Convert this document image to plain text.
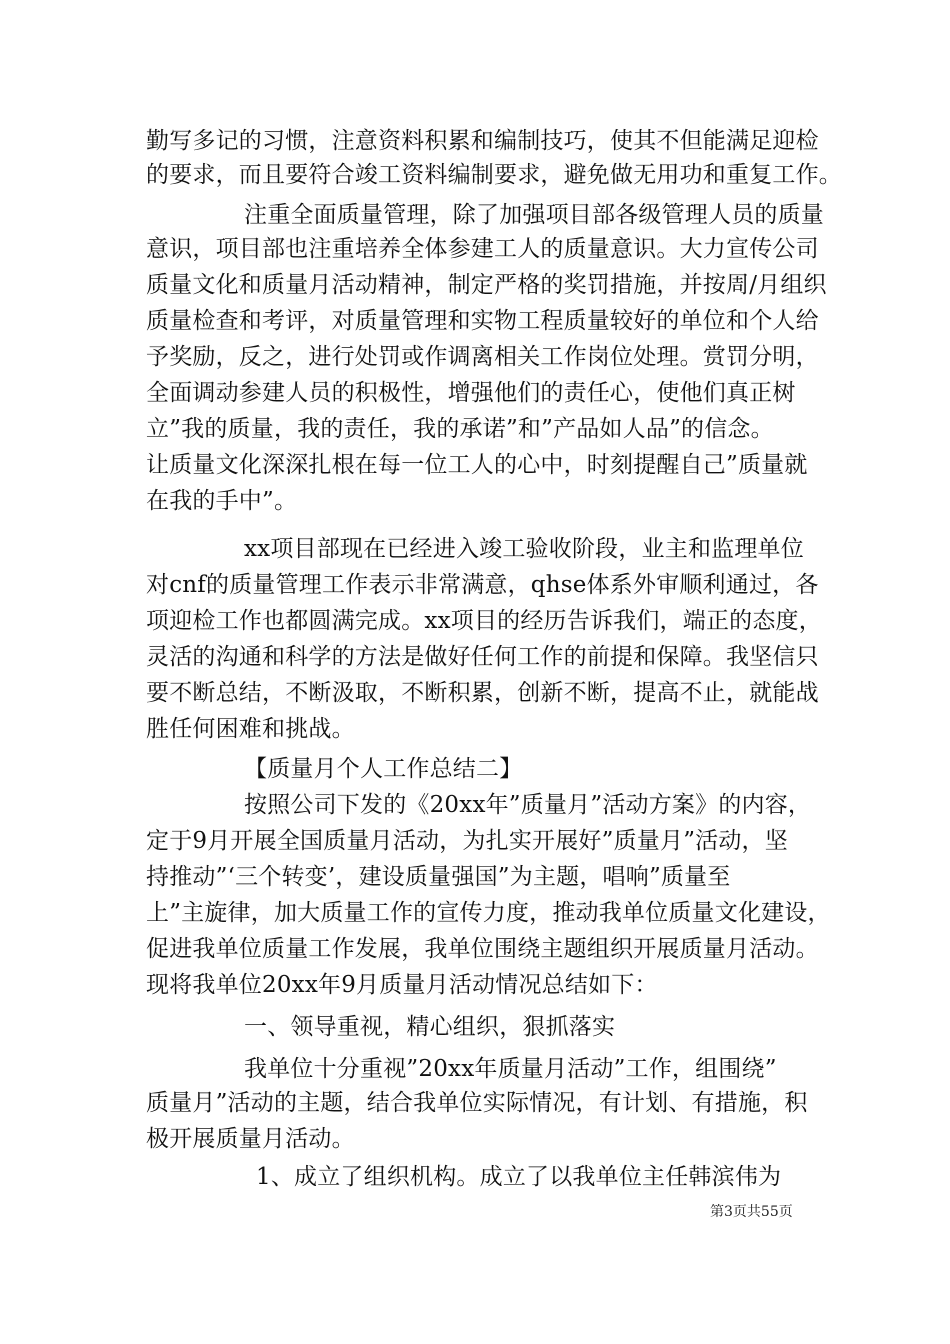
勤写多记的习惯，注意资料积累和编制技巧，使其不但能满足迎检
的要求，而且要符合竣工资料编制要求，避免做无用功和重复工作。
注重全面质量管理，除了加强项目部各级管理人员的质量
意识，项目部也注重培养全体参建工人的质量意识。大力宣传公司
质量文化和质量月活动精神，制定严格的奖罚措施，并按周/月组织
质量检查和考评，对质量管理和实物工程质量较好的单位和个人给
予奖励，反之，进行处罚或作调离相关工作岗位处理。赏罚分明，
全面调动参建人员的积极性，增强他们的责任心，使他们真正树
立”我的质量，我的责任，我的承诺”和”产品如人品”的信念。
让质量文化深深扎根在每一位工人的心中，时刻提醒自己”质量就
在我的手中”。
xx项目部现在已经进入竣工验收阶段，业主和监理单位
对cnf的质量管理工作表示非常满意，qhse体系外审顺利通过，各
项迎检工作也都圆满完成。xx项目的经历告诉我们，端正的态度，
灵活的沟通和科学的方法是做好任何工作的前提和保障。我坚信只
要不断总结，不断汲取，不断积累，创新不断，提高不止，就能战
胜任何困难和挑战。
【质量月个人工作总结二】
按照公司下发的《20xx年”质量月”活动方案》的内容，
定于9月开展全国质量月活动，为扎实开展好”质量月”活动，坚
持推动”‘三个转变’，建设质量强国”为主题，唱响”质量至
上”主旋律，加大质量工作的宣传力度，推动我单位质量文化建设，
促进我单位质量工作发展，我单位围绕主题组织开展质量月活动。
现将我单位20xx年9月质量月活动情况总结如下：
一、领导重视，精心组织，狠抓落实
我单位十分重视”20xx年质量月活动”工作，组围绕”
质量月”活动的主题，结合我单位实际情况，有计划、有措施，积
极开展质量月活动。
1、成立了组织机构。成立了以我单位主任韩滨伟为
第3页共55页
